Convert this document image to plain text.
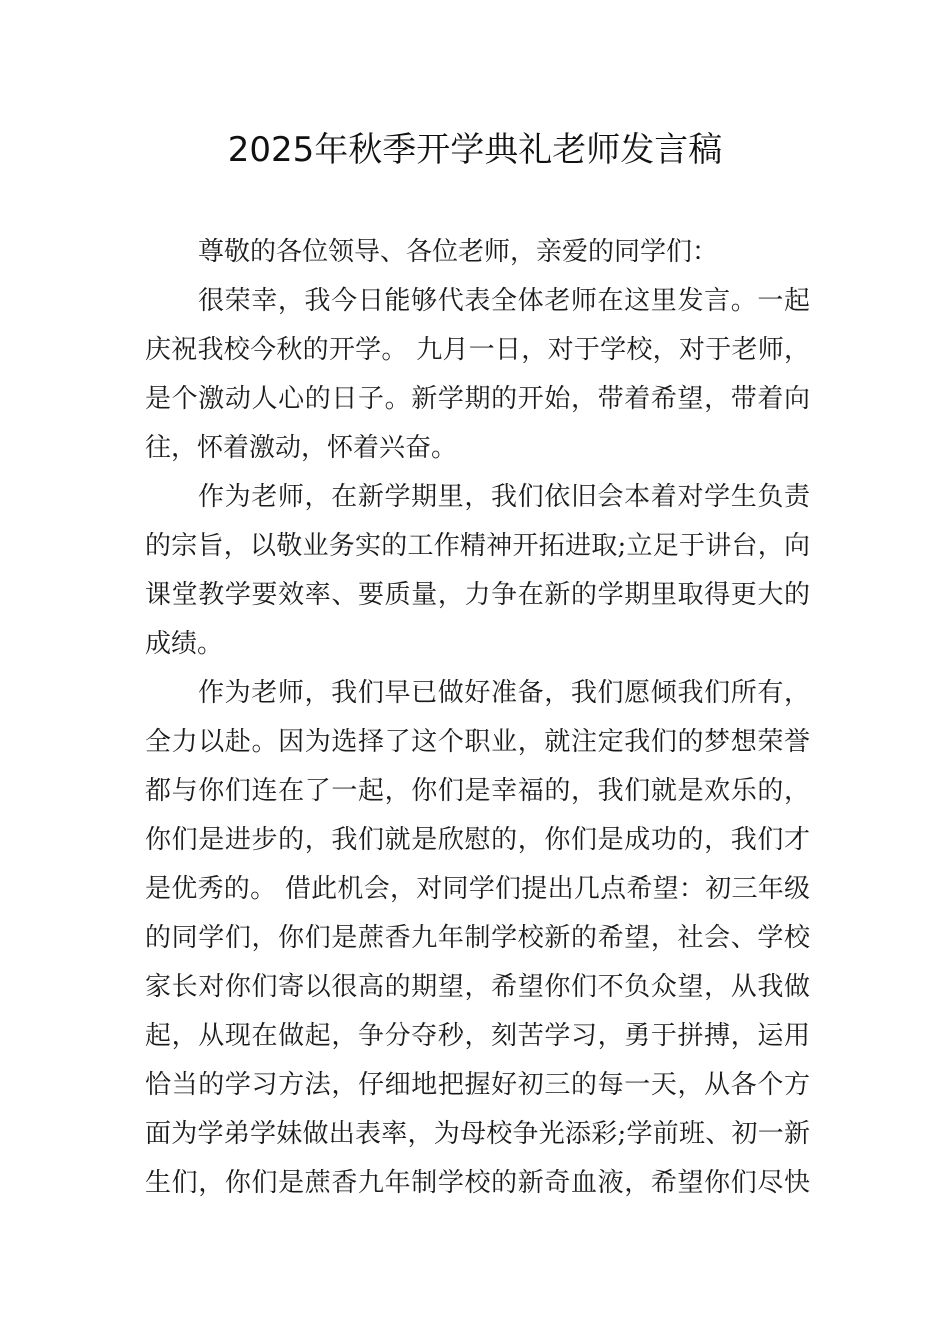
2025年秋季开学典礼老师发言稿
尊敬的各位领导、各位老师，亲爱的同学们：
很荣幸，我今日能够代表全体老师在这里发言。一起
庆祝我校今秋的开学。 九月一日，对于学校，对于老师，
是个激动人心的日子。新学期的开始，带着希望，带着向
往，怀着激动，怀着兴奋。
作为老师，在新学期里，我们依旧会本着对学生负责
的宗旨，以敬业务实的工作精神开拓进取;立足于讲台，向
课堂教学要效率、要质量，力争在新的学期里取得更大的
成绩。
作为老师，我们早已做好准备，我们愿倾我们所有，
全力以赴。因为选择了这个职业，就注定我们的梦想荣誉
都与你们连在了一起，你们是幸福的，我们就是欢乐的，
你们是进步的，我们就是欣慰的，你们是成功的，我们才
是优秀的。 借此机会，对同学们提出几点希望：初三年级
的同学们，你们是蔗香九年制学校新的希望，社会、学校
家长对你们寄以很高的期望，希望你们不负众望，从我做
起，从现在做起，争分夺秒，刻苦学习，勇于拼搏，运用
恰当的学习方法，仔细地把握好初三的每一天，从各个方
面为学弟学妹做出表率，为母校争光添彩;学前班、初一新
生们，你们是蔗香九年制学校的新奇血液，希望你们尽快
